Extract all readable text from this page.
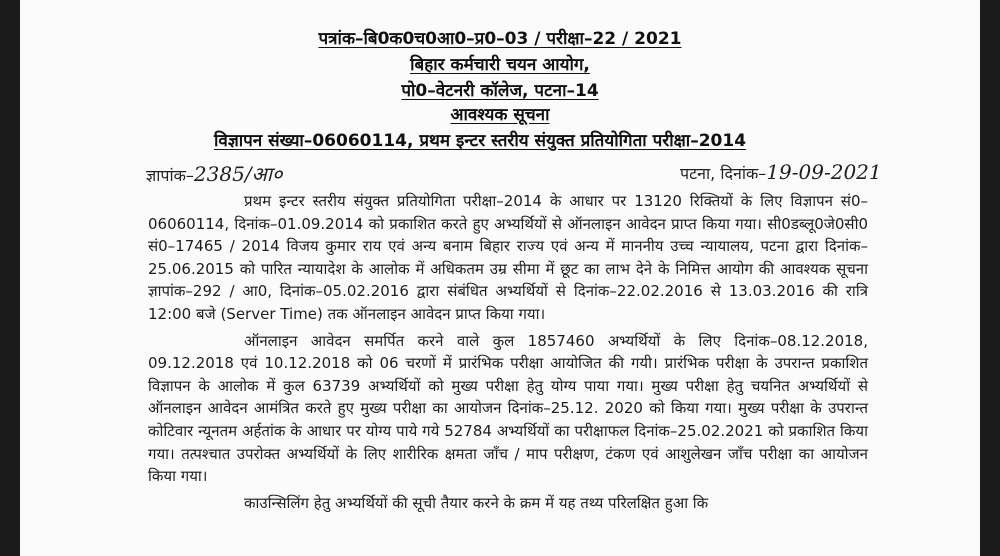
पत्रांक–बि0क0च0आ0–प्र0–03 / परीक्षा–22 / 2021
बिहार कर्मचारी चयन आयोग,
पो0–वेटनरी कॉलेज, पटना–14
आवश्यक सूचना
विज्ञापन संख्या–06060114, प्रथम इन्टर स्तरीय संयुक्त प्रतियोगिता परीक्षा–2014
ज्ञापांक–2385/आ०	पटना, दिनांक–19-09-2021

प्रथम इन्टर स्तरीय संयुक्त प्रतियोगिता परीक्षा–2014 के आधार पर 13120 रिक्तियों के लिए विज्ञापन सं0–06060114, दिनांक–01.09.2014 को प्रकाशित करते हुए अभ्यर्थियों से ऑनलाइन आवेदन प्राप्त किया गया। सी0डब्लू0जे0सी0 सं0–17465 / 2014 विजय कुमार राय एवं अन्य बनाम बिहार राज्य एवं अन्य में माननीय उच्च न्यायालय, पटना द्वारा दिनांक–25.06.2015 को पारित न्यायादेश के आलोक में अधिकतम उम्र सीमा में छूट का लाभ देने के निमित्त आयोग की आवश्यक सूचना ज्ञापांक–292 / आ0, दिनांक–05.02.2016 द्वारा संबंधित अभ्यर्थियों से दिनांक–22.02.2016 से 13.03.2016 की रात्रि 12:00 बजे (Server Time) तक ऑनलाइन आवेदन प्राप्त किया गया।

ऑनलाइन आवेदन समर्पित करने वाले कुल 1857460 अभ्यर्थियों के लिए दिनांक–08.12.2018, 09.12.2018 एवं 10.12.2018 को 06 चरणों में प्रारंभिक परीक्षा आयोजित की गयी। प्रारंभिक परीक्षा के उपरान्त प्रकाशित विज्ञापन के आलोक में कुल 63739 अभ्यर्थियों को मुख्य परीक्षा हेतु योग्य पाया गया। मुख्य परीक्षा हेतु चयनित अभ्यर्थियों से ऑनलाइन आवेदन आमंत्रित करते हुए मुख्य परीक्षा का आयोजन दिनांक–25.12. 2020 को किया गया। मुख्य परीक्षा के उपरान्त कोटिवार न्यूनतम अर्हतांक के आधार पर योग्य पाये गये 52784 अभ्यर्थियों का परीक्षाफल दिनांक–25.02.2021 को प्रकाशित किया गया। तत्पश्चात उपरोक्त अभ्यर्थियों के लिए शारीरिक क्षमता जाँच / माप परीक्षण, टंकण एवं आशुलेखन जाँच परीक्षा का आयोजन किया गया।

काउन्सिलिंग हेतु अभ्यर्थियों की सूची तैयार करने के क्रम में यह तथ्य परिलक्षित हुआ कि
